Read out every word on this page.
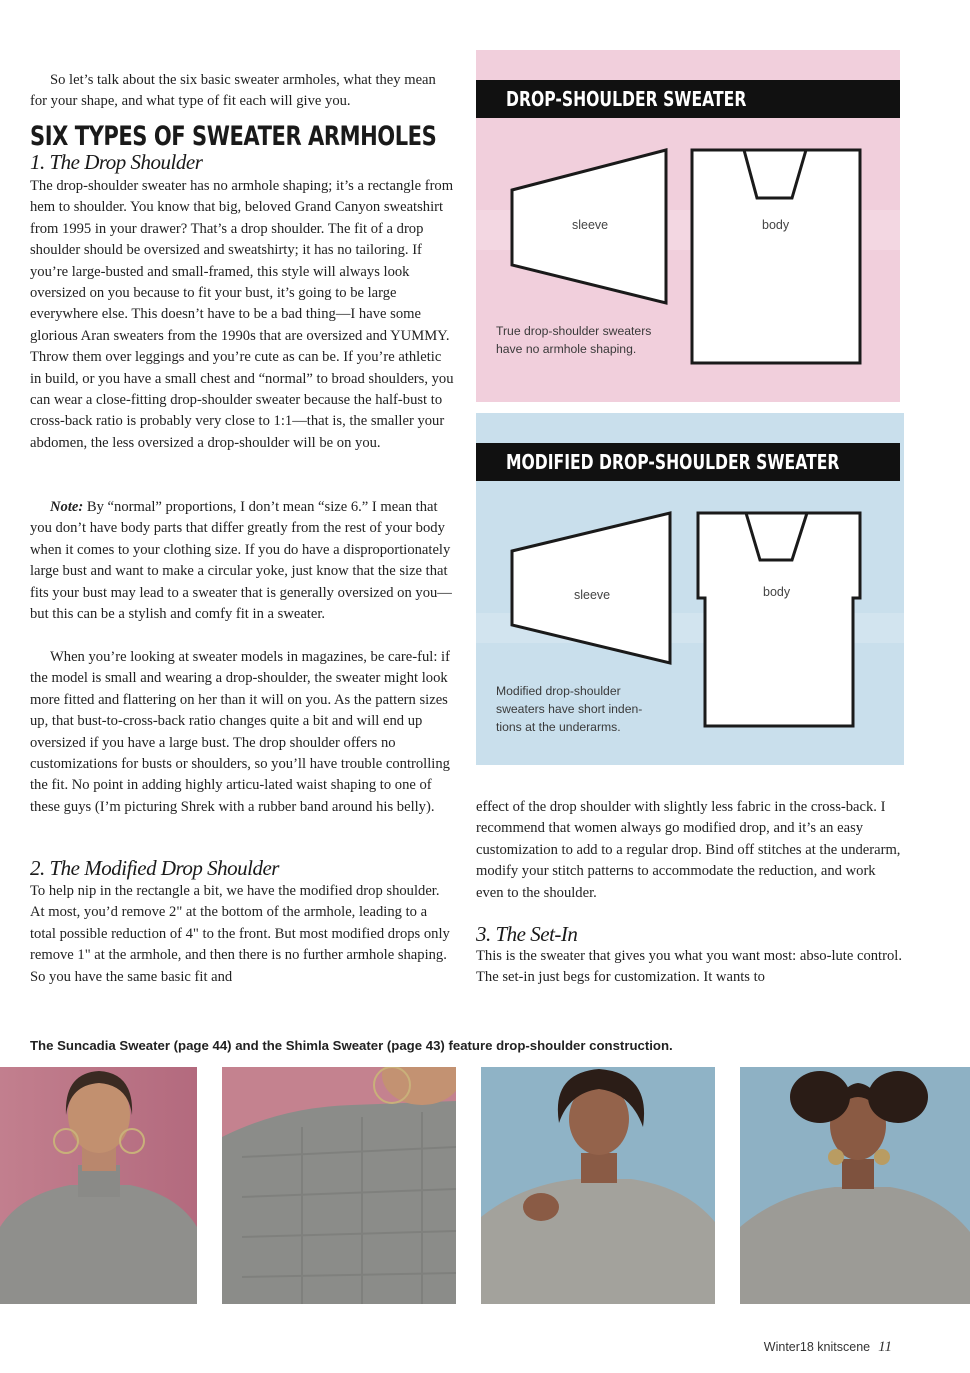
So let’s talk about the six basic sweater armholes, what they mean for your shape, and what type of fit each will give you.

SIX TYPES OF SWEATER ARMHOLES
1. The Drop Shoulder

The drop-shoulder sweater has no armhole shaping; it’s a rectangle from hem to shoulder. You know that big, beloved Grand Canyon sweatshirt from 1995 in your drawer? That’s a drop shoulder. The fit of a drop shoulder should be oversized and sweatshirty; it has no tailoring. If you’re large-busted and small-framed, this style will always look oversized on you because to fit your bust, it’s going to be large everywhere else. This doesn’t have to be a bad thing—I have some glorious Aran sweaters from the 1990s that are oversized and YUMMY. Throw them over leggings and you’re cute as can be. If you’re athletic in build, or you have a small chest and “normal” to broad shoulders, you can wear a close-fitting drop-shoulder sweater because the half-bust to cross-back ratio is probably very close to 1:1—that is, the smaller your abdomen, the less oversized a drop-shoulder will be on you.

Note: By “normal” proportions, I don’t mean “size 6.” I mean that you don’t have body parts that differ greatly from the rest of your body when it comes to your clothing size. If you do have a disproportionately large bust and want to make a circular yoke, just know that the size that fits your bust may lead to a sweater that is generally oversized on you—but this can be a stylish and comfy fit in a sweater.

When you’re looking at sweater models in magazines, be care-ful: if the model is small and wearing a drop-shoulder, the sweater might look more fitted and flattering on her than it will on you. As the pattern sizes up, that bust-to-cross-back ratio changes quite a bit and will end up oversized if you have a large bust. The drop shoulder offers no customizations for busts or shoulders, so you’ll have trouble controlling the fit. No point in adding highly articu-lated waist shaping to one of these guys (I’m picturing Shrek with a rubber band around his belly).

2. The Modified Drop Shoulder

To help nip in the rectangle a bit, we have the modified drop shoulder. At most, you’d remove 2" at the bottom of the armhole, leading to a total possible reduction of 4" to the front. But most modified drops only remove 1" at the armhole, and then there is no further armhole shaping. So you have the same basic fit and

effect of the drop shoulder with slightly less fabric in the cross-back. I recommend that women always go modified drop, and it’s an easy customization to add to a regular drop. Bind off stitches at the underarm, modify your stitch patterns to accommodate the reduction, and work even to the shoulder.

3. The Set-In

This is the sweater that gives you what you want most: abso-lute control. The set-in just begs for customization. It wants to

DROP-SHOULDER SWEATER
sleeve	body
True drop-shoulder sweaters have no armhole shaping.
MODIFIED DROP-SHOULDER SWEATER
sleeve	body
Modified drop-shoulder sweaters have short inden-tions at the underarms.
The Suncadia Sweater (page 44) and the Shimla Sweater (page 43) feature drop-shoulder construction.
Winter18 knitscene 11
